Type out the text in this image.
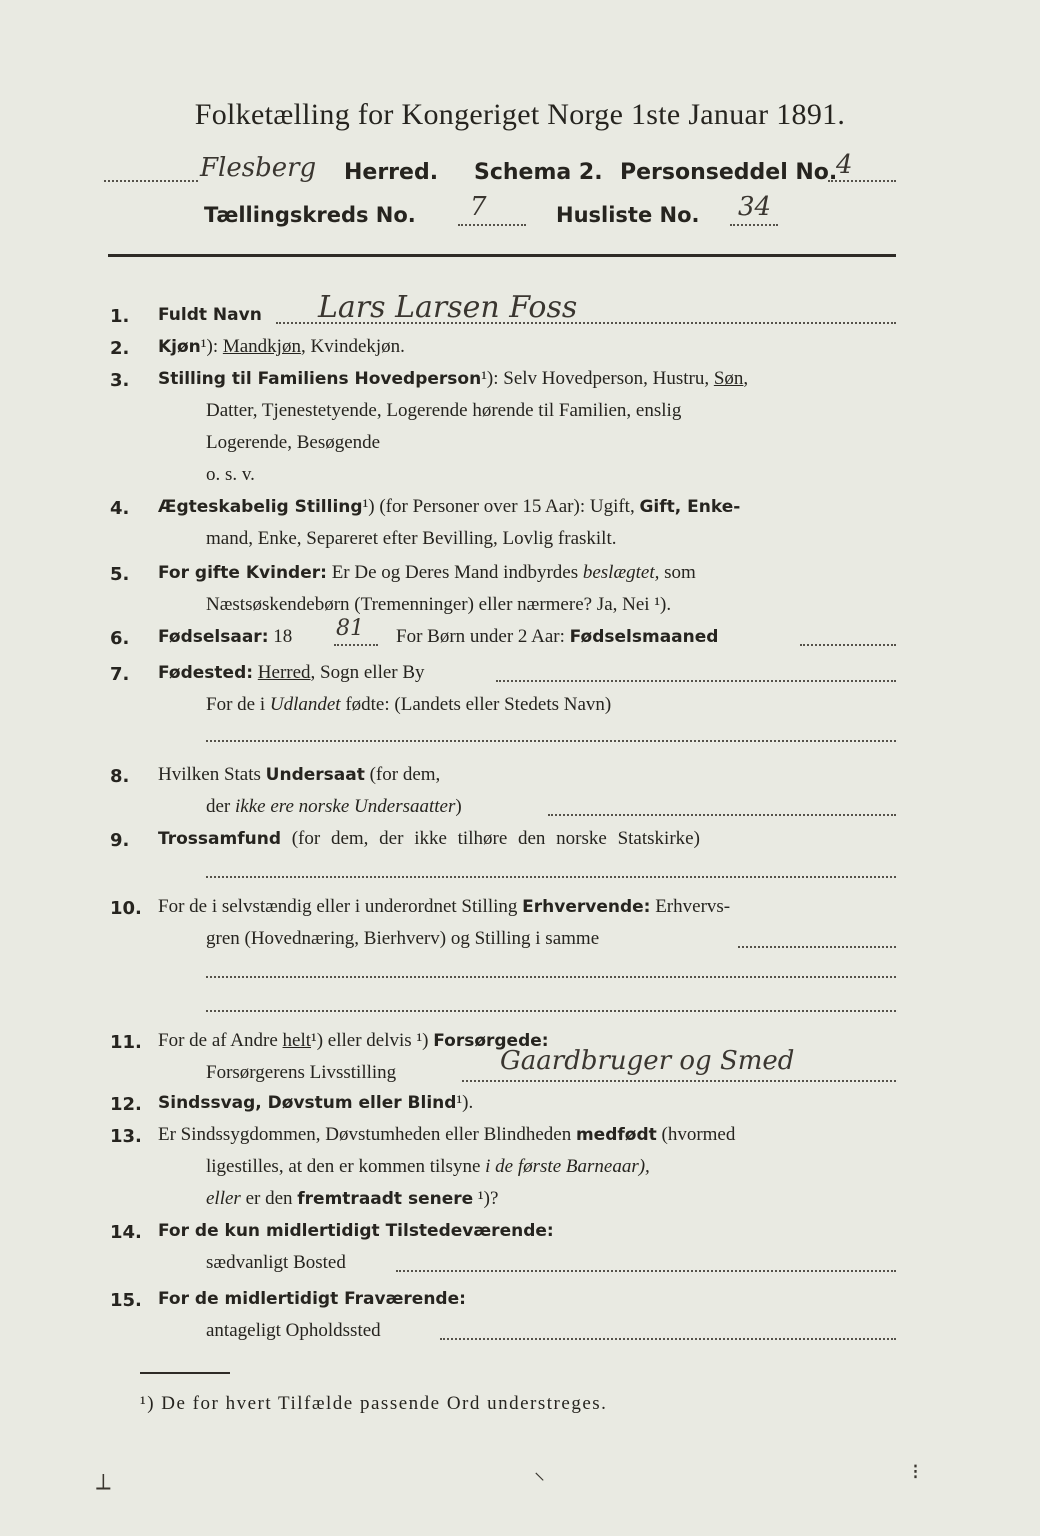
Folketælling for Kongeriget Norge 1ste Januar 1891.
Flesberg Herred. Schema 2. Personseddel No.
4
Tællingskreds No. 7	Husliste No. 34
1. Fuldt Navn Lars Larsen Foss
2. Kjøn¹): Mandkjøn, Kvindekjøn.
3. Stilling til Familiens Hovedperson¹): Selv Hovedperson, Hustru, Søn,
Datter, Tjenestetyende, Logerende hørende til Familien, enslig
Logerende, Besøgende
o. s. v.
4. Ægteskabelig Stilling¹) (for Personer over 15 Aar): Ugift, Gift, Enke-
mand, Enke, Separeret efter Bevilling, Lovlig fraskilt.
5. For gifte Kvinder: Er De og Deres Mand indbyrdes beslægtet, som
Næstsøskendebørn (Tremenninger) eller nærmere? Ja, Nei ¹).
6. Fødselsaar: 18 81 For Børn under 2 Aar: Fødselsmaaned
7. Fødested: Herred, Sogn eller By
For de i Udlandet fødte: (Landets eller Stedets Navn)
8. Hvilken Stats Undersaat (for dem,
der ikke ere norske Undersaatter)
9. Trossamfund (for dem, der ikke tilhøre den norske Statskirke)
10. For de i selvstændig eller i underordnet Stilling Erhvervende: Erhvervs-
gren (Hovednæring, Bierhverv) og Stilling i samme
11. For de af Andre helt¹) eller delvis ¹) Forsørgede:
Forsørgerens Livsstilling	Gaardbruger og Smed
12. Sindssvag, Døvstum eller Blind¹).
13. Er Sindssygdommen, Døvstumheden eller Blindheden medfødt (hvormed
ligestilles, at den er kommen tilsyne i de første Barneaar),
eller er den fremtraadt senere ¹)?
14. For de kun midlertidigt Tilstedeværende:
sædvanligt Bosted
15. For de midlertidigt Fraværende:
antageligt Opholdssted
¹) De for hvert Tilfælde passende Ord understreges.
⟂	⸜	⁝
